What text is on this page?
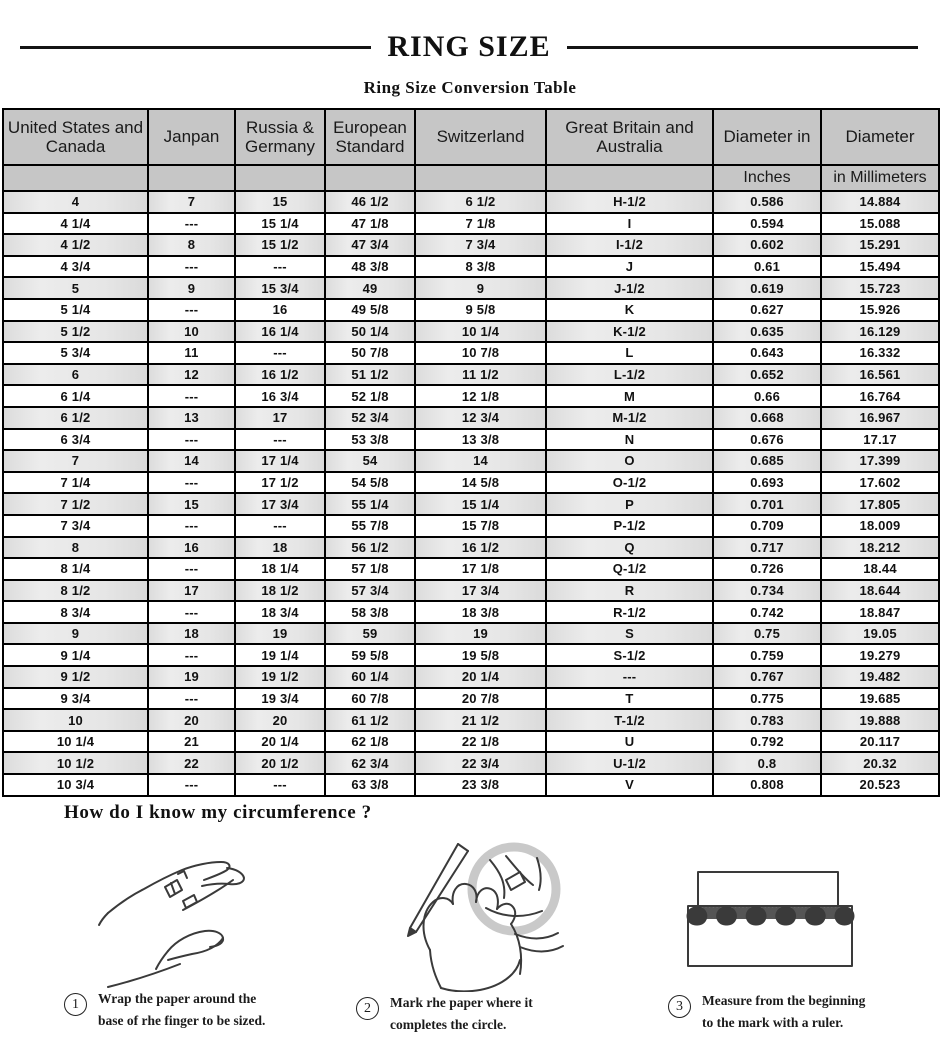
RING SIZE
Ring Size Conversion Table
United States and Canada	Janpan	Russia & Germany	European Standard	Switzerland	Great Britain and Australia	Diameter in	Diameter
						Inches	in Millimeters
4	7	15	46 1/2	6 1/2	H-1/2	0.586	14.884
4 1/4	---	15 1/4	47 1/8	7 1/8	I	0.594	15.088
4 1/2	8	15 1/2	47 3/4	7 3/4	I-1/2	0.602	15.291
4 3/4	---	---	48 3/8	8 3/8	J	0.61	15.494
5	9	15 3/4	49	9	J-1/2	0.619	15.723
5 1/4	---	16	49 5/8	9 5/8	K	0.627	15.926
5 1/2	10	16 1/4	50 1/4	10 1/4	K-1/2	0.635	16.129
5 3/4	11	---	50 7/8	10 7/8	L	0.643	16.332
6	12	16 1/2	51 1/2	11 1/2	L-1/2	0.652	16.561
6 1/4	---	16 3/4	52 1/8	12 1/8	M	0.66	16.764
6 1/2	13	17	52 3/4	12 3/4	M-1/2	0.668	16.967
6 3/4	---	---	53 3/8	13 3/8	N	0.676	17.17
7	14	17 1/4	54	14	O	0.685	17.399
7 1/4	---	17 1/2	54 5/8	14 5/8	O-1/2	0.693	17.602
7 1/2	15	17 3/4	55 1/4	15 1/4	P	0.701	17.805
7 3/4	---	---	55 7/8	15 7/8	P-1/2	0.709	18.009
8	16	18	56 1/2	16 1/2	Q	0.717	18.212
8 1/4	---	18 1/4	57 1/8	17 1/8	Q-1/2	0.726	18.44
8 1/2	17	18 1/2	57 3/4	17 3/4	R	0.734	18.644
8 3/4	---	18 3/4	58 3/8	18 3/8	R-1/2	0.742	18.847
9	18	19	59	19	S	0.75	19.05
9 1/4	---	19 1/4	59 5/8	19 5/8	S-1/2	0.759	19.279
9 1/2	19	19 1/2	60 1/4	20 1/4	---	0.767	19.482
9 3/4	---	19 3/4	60 7/8	20 7/8	T	0.775	19.685
10	20	20	61 1/2	21 1/2	T-1/2	0.783	19.888
10 1/4	21	20 1/4	62 1/8	22 1/8	U	0.792	20.117
10 1/2	22	20 1/2	62 3/4	22 3/4	U-1/2	0.8	20.32
10 3/4	---	---	63 3/8	23 3/8	V	0.808	20.523
How do I know my circumference ?
1	Wrap the paper around the
base of rhe finger to be sized.
2	Mark rhe paper where it
completes the circle.
3	Measure from the beginning
to the mark with a ruler.
